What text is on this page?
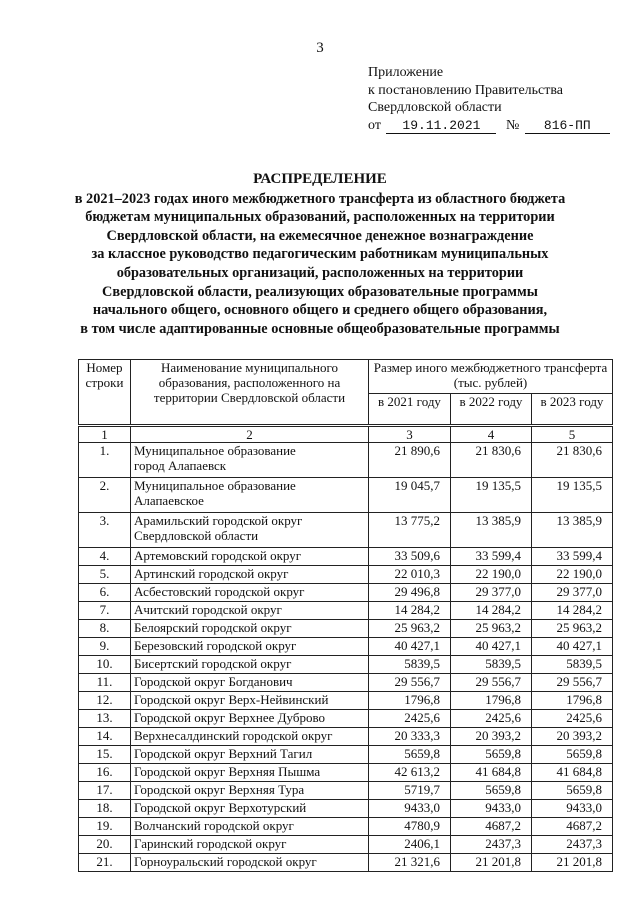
3
Приложение
к постановлению Правительства
Свердловской области
от 19.11.2021 № 816-ПП
РАСПРЕДЕЛЕНИЕ
в 2021–2023 годах иного межбюджетного трансферта из областного бюджета
бюджетам муниципальных образований, расположенных на территории
Свердловской области, на ежемесячное денежное вознаграждение
за классное руководство педагогическим работникам муниципальных
образовательных организаций, расположенных на территории
Свердловской области, реализующих образовательные программы
начального общего, основного общего и среднего общего образования,
в том числе адаптированные основные общеобразовательные программы
Номер строки	Наименование муниципального образования, расположенного на территории Свердловской области	Размер иного межбюджетного трансферта (тыс. рублей)		
		в 2021 году	в 2022 году	в 2023 году
1	2	3	4	5
1.	Муниципальное образование
город Алапаевск	21 890,6	21 830,6	21 830,6
2.	Муниципальное образование
Алапаевское	19 045,7	19 135,5	19 135,5
3.	Арамильский городской округ
Свердловской области	13 775,2	13 385,9	13 385,9
4.	Артемовский городской округ	33 509,6	33 599,4	33 599,4
5.	Артинский городской округ	22 010,3	22 190,0	22 190,0
6.	Асбестовский городской округ	29 496,8	29 377,0	29 377,0
7.	Ачитский городской округ	14 284,2	14 284,2	14 284,2
8.	Белоярский городской округ	25 963,2	25 963,2	25 963,2
9.	Березовский городской округ	40 427,1	40 427,1	40 427,1
10.	Бисертский городской округ	5839,5	5839,5	5839,5
11.	Городской округ Богданович	29 556,7	29 556,7	29 556,7
12.	Городской округ Верх-Нейвинский	1796,8	1796,8	1796,8
13.	Городской округ Верхнее Дуброво	2425,6	2425,6	2425,6
14.	Верхнесалдинский городской округ	20 333,3	20 393,2	20 393,2
15.	Городской округ Верхний Тагил	5659,8	5659,8	5659,8
16.	Городской округ Верхняя Пышма	42 613,2	41 684,8	41 684,8
17.	Городской округ Верхняя Тура	5719,7	5659,8	5659,8
18.	Городской округ Верхотурский	9433,0	9433,0	9433,0
19.	Волчанский городской округ	4780,9	4687,2	4687,2
20.	Гаринский городской округ	2406,1	2437,3	2437,3
21.	Горноуральский городской округ	21 321,6	21 201,8	21 201,8
